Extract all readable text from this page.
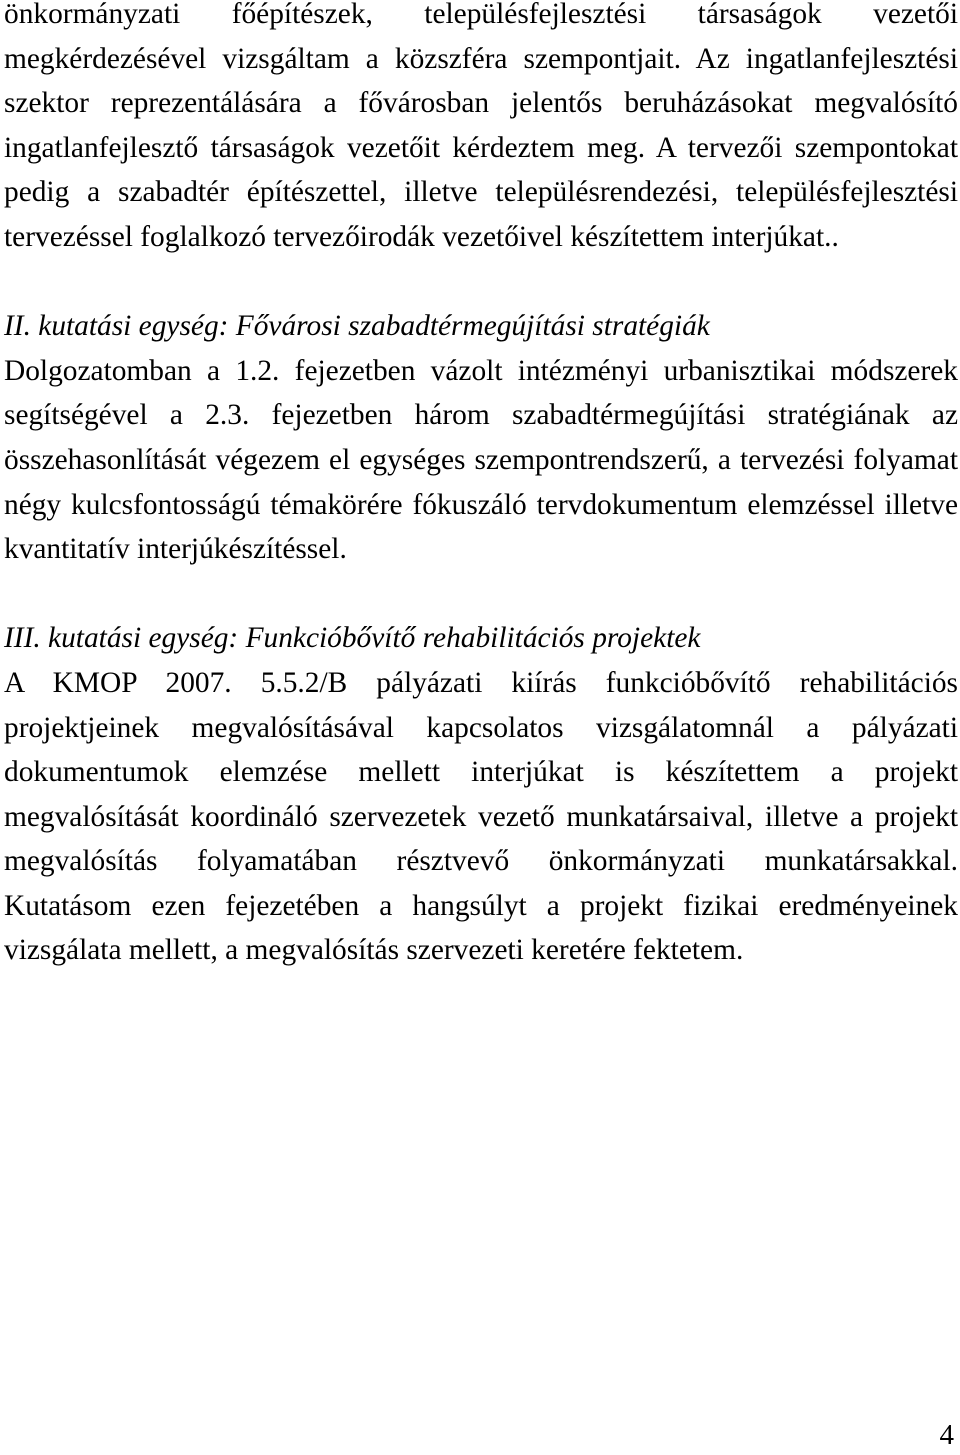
önkormányzati főépítészek, településfejlesztési társaságok vezetői megkérdezésével vizsgáltam a közszféra szempontjait. Az ingatlanfejlesztési szektor reprezentálására a fővárosban jelentős beruházásokat megvalósító ingatlanfejlesztő társaságok vezetőit kérdeztem meg. A tervezői szempontokat pedig a szabadtér építészettel, illetve településrendezési, településfejlesztési tervezéssel foglalkozó tervezőirodák vezetőivel készítettem interjúkat..

II. kutatási egység: Fővárosi szabadtérmegújítási stratégiák

Dolgozatomban a 1.2. fejezetben vázolt intézményi urbanisztikai módszerek segítségével a 2.3. fejezetben három szabadtérmegújítási stratégiának az összehasonlítását végezem el egységes szempontrendszerű, a tervezési folyamat négy kulcsfontosságú témakörére fókuszáló tervdokumentum elemzéssel illetve kvantitatív interjúkészítéssel.

III. kutatási egység: Funkcióbővítő rehabilitációs projektek

A KMOP 2007. 5.5.2/B pályázati kiírás funkcióbővítő rehabilitációs projektjeinek megvalósításával kapcsolatos vizsgálatomnál a pályázati dokumentumok elemzése mellett interjúkat is készítettem a projekt megvalósítását koordináló szervezetek vezető munkatársaival, illetve a projekt megvalósítás folyamatában résztvevő önkormányzati munkatársakkal. Kutatásom ezen fejezetében a hangsúlyt a projekt fizikai eredményeinek vizsgálata mellett, a megvalósítás szervezeti keretére fektetem.

4
